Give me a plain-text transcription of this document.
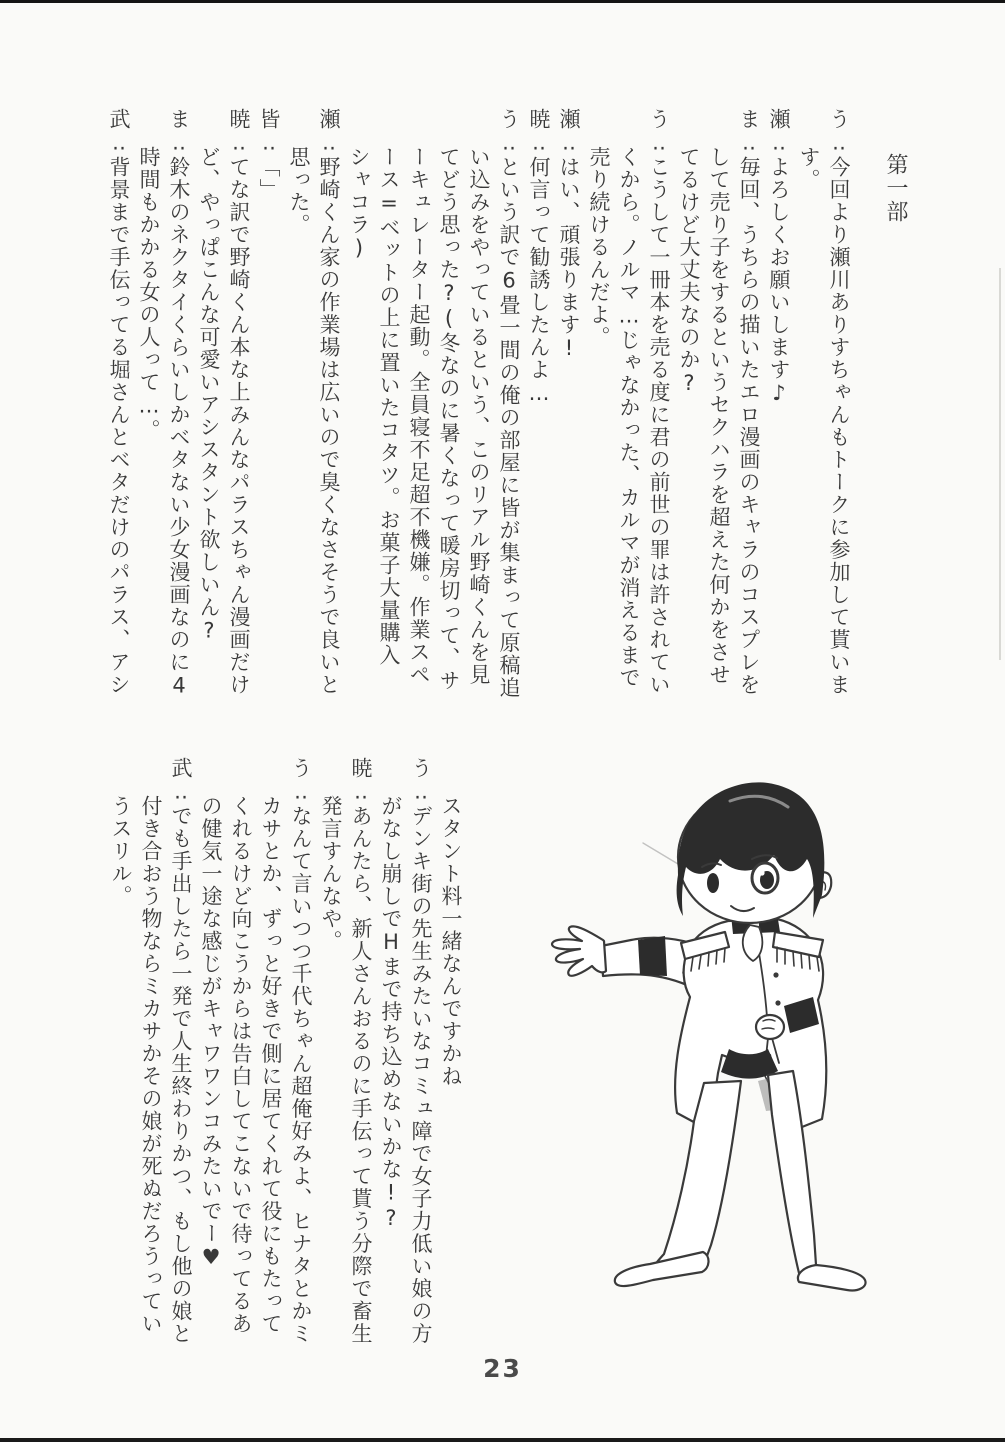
第一部
う‥今回より瀬川ありすちゃんもトークに参加して貰いま
す。
瀬‥よろしくお願いします♪
ま‥毎回、うちらの描いたエロ漫画のキャラのコスプレを
して売り子をするというセクハラを超えた何かをさせ
てるけど大丈夫なのか?
う‥こうして一冊本を売る度に君の前世の罪は許されてい
くから。ノルマ…じゃなかった、カルマが消えるまで
売り続けるんだよ。
瀬‥はい、頑張ります!
暁‥何言って勧誘したんよ…
う‥という訳で6畳一間の俺の部屋に皆が集まって原稿追
い込みをやっているという、このリアル野崎くんを見
てどう思った?(冬なのに暑くなって暖房切って、サ
ーキュレーター起動。全員寝不足超不機嫌。作業スペ
ース=ベットの上に置いたコタツ。お菓子大量購入
シャコラ)
瀬‥野崎くん家の作業場は広いので臭くなさそうで良いと
思った。
皆‥「」
暁‥てな訳で野崎くん本な上みんなパラスちゃん漫画だけ
ど、やっぱこんな可愛いアシスタント欲しいん?
ま‥鈴木のネクタイくらいしかベタない少女漫画なのに4
時間もかかる女の人って…。
武‥背景まで手伝ってる堀さんとベタだけのパラス、アシ
スタント料一緒なんですかね
う‥デンキ街の先生みたいなコミュ障で女子力低い娘の方
がなし崩しでHまで持ち込めないかな!?
暁‥あんたら、新人さんおるのに手伝って貰う分際で畜生
発言すんなや。
う‥なんて言いつつ千代ちゃん超俺好みよ、ヒナタとかミ
カサとか、ずっと好きで側に居てくれて役にもたって
くれるけど向こうからは告白してこないで待ってるあ
の健気一途な感じがキャワワンコみたいでー♥
武‥でも手出したら一発で人生終わりかつ、もし他の娘と
付き合おう物ならミカサかその娘が死ぬだろうってい
うスリル。
23
